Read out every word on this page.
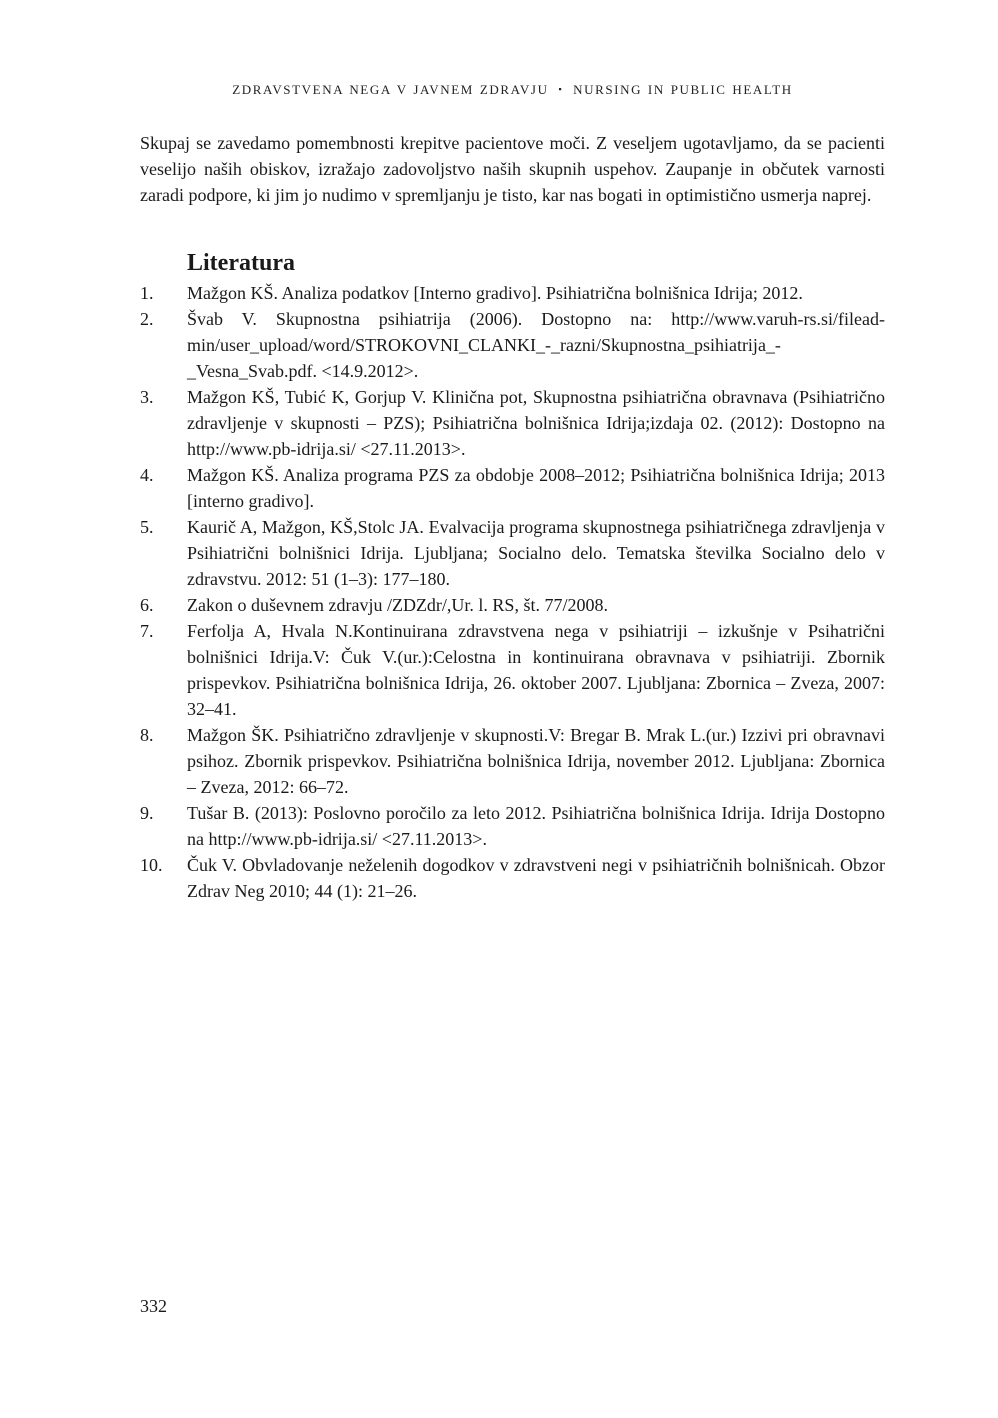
ZDRAVSTVENA NEGA V JAVNEM ZDRAVJU ▪ NURSING IN PUBLIC HEALTH

Skupaj se zavedamo pomembnosti krepitve pacientove moči. Z veseljem ugotavljamo, da se pacienti veselijo naših obiskov, izražajo zadovoljstvo naših skupnih uspehov. Zaupanje in občutek varnosti zaradi podpore, ki jim jo nudimo v spremljanju je tisto, kar nas bogati in optimistično usmerja naprej.

Literatura
1.	Mažgon KŠ. Analiza podatkov [Interno gradivo]. Psihiatrična bolnišnica Idrija; 2012.
2.	Švab V. Skupnostna psihiatrija (2006). Dostopno na: http://www.varuh-rs.si/fileadmin/user_upload/word/STROKOVNI_CLANKI_-_razni/Skupnostna_psihiatrija_-_Vesna_Svab.pdf. <14.9.2012>.
3.	Mažgon KŠ, Tubić K, Gorjup V. Klinična pot, Skupnostna psihiatrična obravnava (Psihiatrično zdravljenje v skupnosti – PZS); Psihiatrična bolnišnica Idrija;izdaja 02. (2012): Dostopno na http://www.pb-idrija.si/ <27.11.2013>.
4.	Mažgon KŠ. Analiza programa PZS za obdobje 2008–2012; Psihiatrična bolnišnica Idrija; 2013 [interno gradivo].
5.	Kaurič A, Mažgon, KŠ,Stolc JA. Evalvacija programa skupnostnega psihiatričnega zdravljenja v Psihiatrični bolnišnici Idrija. Ljubljana; Socialno delo. Tematska številka Socialno delo v zdravstvu. 2012: 51 (1–3): 177–180.
6.	Zakon o duševnem zdravju /ZDZdr/,Ur. l. RS, št. 77/2008.
7.	Ferfolja A, Hvala N.Kontinuirana zdravstvena nega v psihiatriji – izkušnje v Psihatrični bolnišnici Idrija.V: Čuk V.(ur.):Celostna in kontinuirana obravnava v psihiatriji. Zbornik prispevkov. Psihiatrična bolnišnica Idrija, 26. oktober 2007. Ljubljana: Zbornica – Zveza, 2007: 32–41.
8.	Mažgon ŠK. Psihiatrično zdravljenje v skupnosti.V: Bregar B. Mrak L.(ur.) Izzivi pri obravnavi psihoz. Zbornik prispevkov. Psihiatrična bolnišnica Idrija, november 2012. Ljubljana: Zbornica – Zveza, 2012: 66–72.
9.	Tušar B. (2013): Poslovno poročilo za leto 2012. Psihiatrična bolnišnica Idrija. Idrija Dostopno na http://www.pb-idrija.si/ <27.11.2013>.
10.	Čuk V. Obvladovanje neželenih dogodkov v zdravstveni negi v psihiatričnih bolnišnicah. Obzor Zdrav Neg 2010; 44 (1): 21–26.
332
